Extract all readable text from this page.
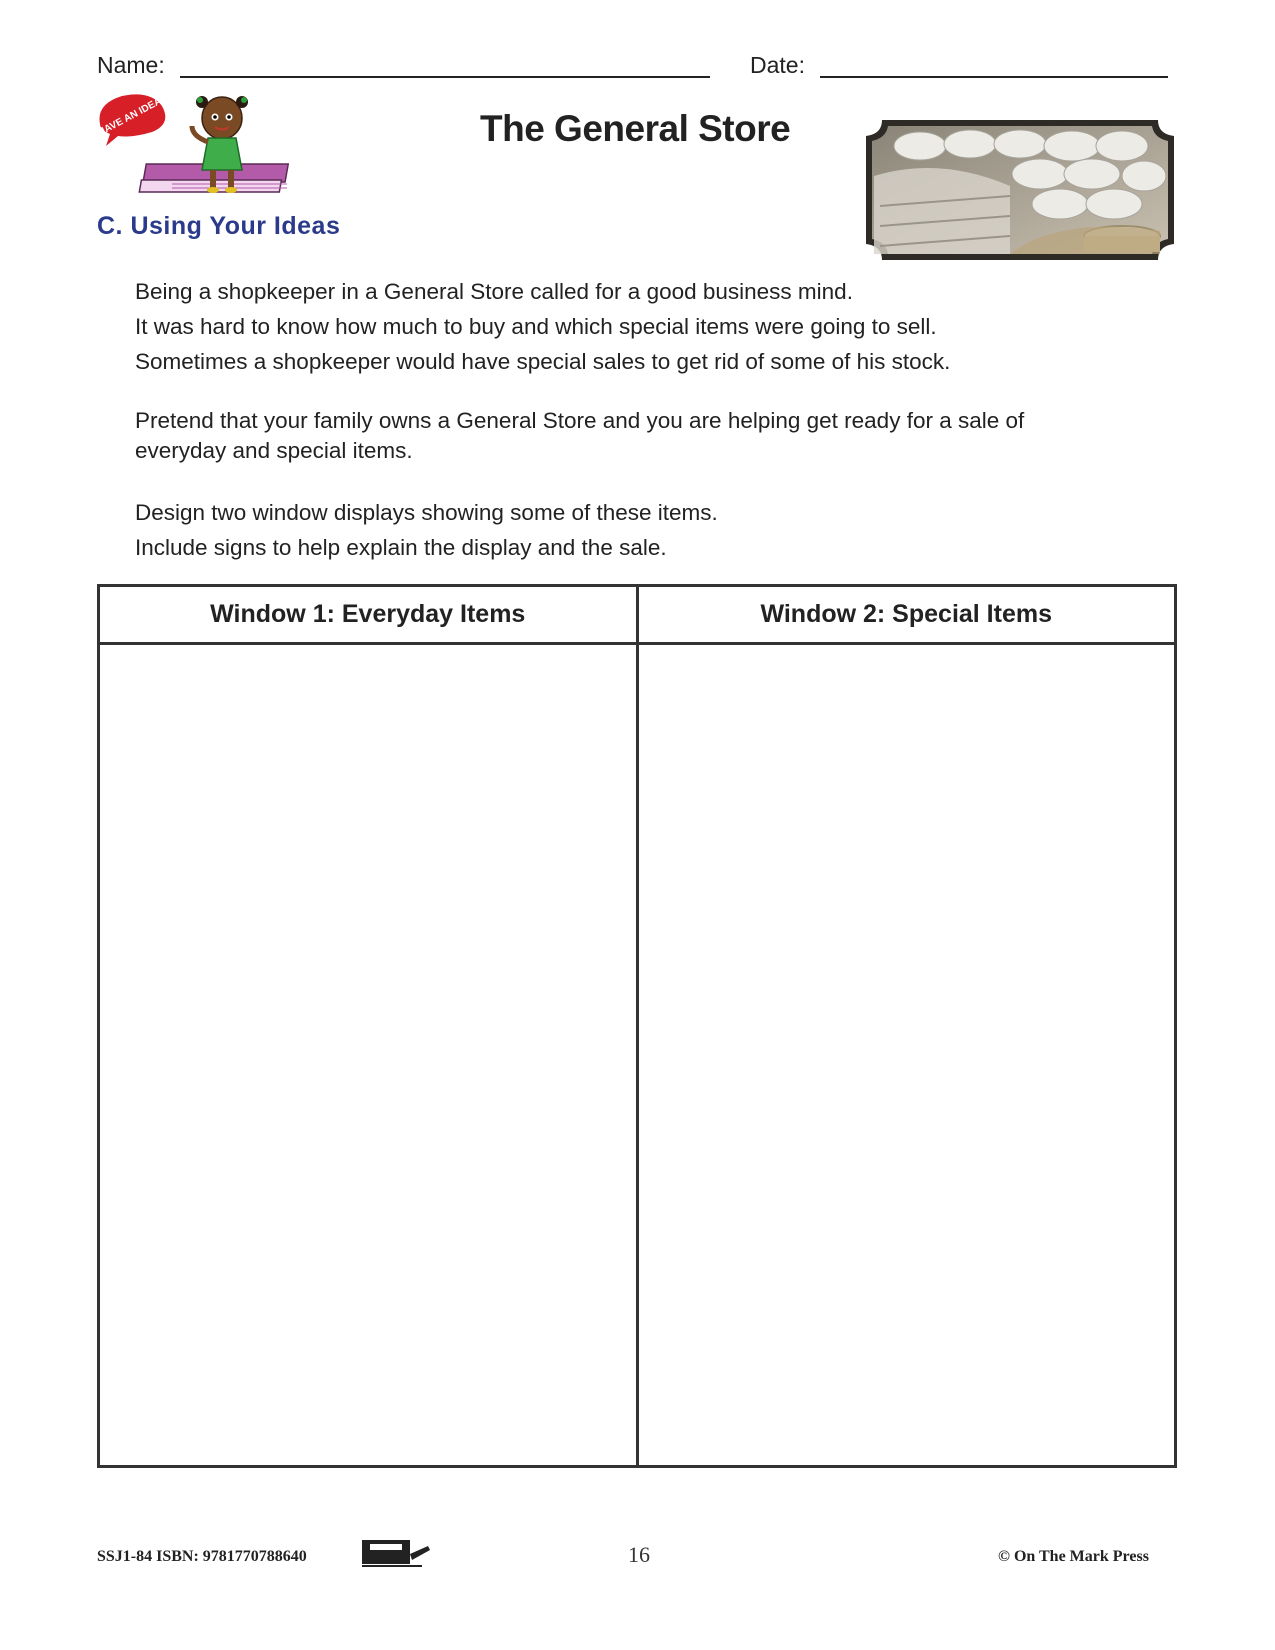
Name:	Date:
I HAVE AN IDEA!	The General Store
C. Using Your Ideas
Being a shopkeeper in a General Store called for a good business mind.
It was hard to know how much to buy and which special items were going to sell.
Sometimes a shopkeeper would have special sales to get rid of some of his stock.
Pretend that your family owns a General Store and you are helping get ready for a sale of
everyday and special items.
Design two window displays showing some of these items.
Include signs to help explain the display and the sale.
Window 1: Everyday Items	Window 2: Special Items

SSJ1-84 ISBN: 9781770788640	16	© On The Mark Press
